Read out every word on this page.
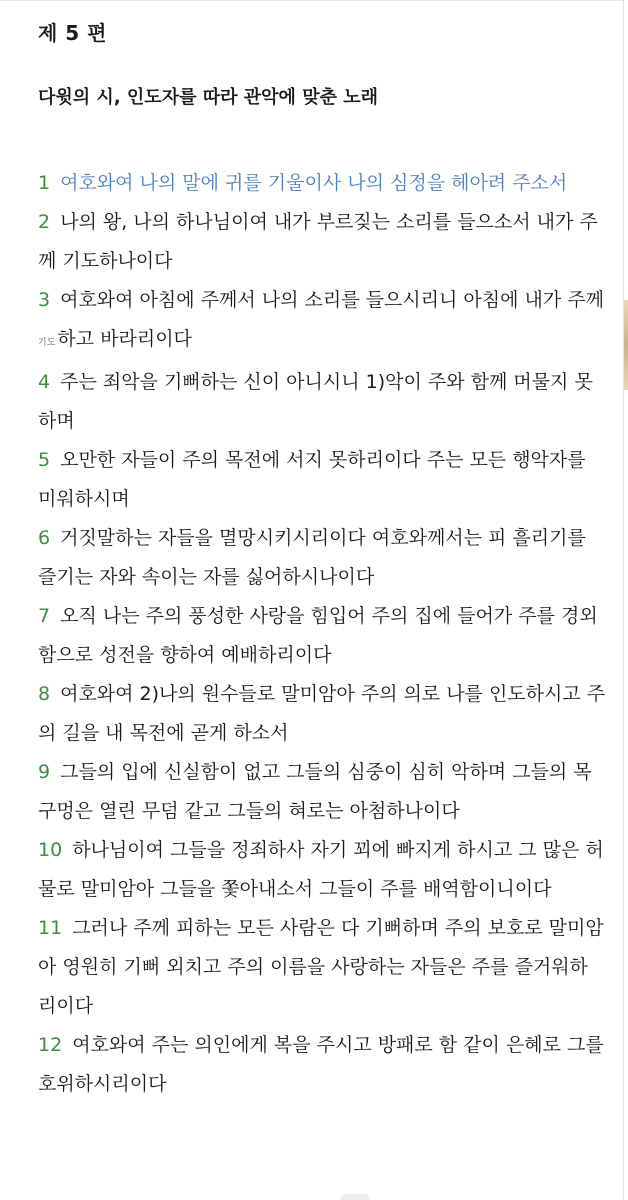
제 5 편
다윗의 시, 인도자를 따라 관악에 맞춘 노래
1 여호와여 나의 말에 귀를 기울이사 나의 심정을 헤아려 주소서
2 나의 왕, 나의 하나님이여 내가 부르짖는 소리를 들으소서 내가 주께 기도하나이다
3 여호와여 아침에 주께서 나의 소리를 들으시리니 아침에 내가 주께 기도 하고 바라리이다
4 주는 죄악을 기뻐하는 신이 아니시니 1)악이 주와 함께 머물지 못하며
5 오만한 자들이 주의 목전에 서지 못하리이다 주는 모든 행악자를 미워하시며
6 거짓말하는 자들을 멸망시키시리이다 여호와께서는 피 흘리기를 즐기는 자와 속이는 자를 싫어하시나이다
7 오직 나는 주의 풍성한 사랑을 힘입어 주의 집에 들어가 주를 경외함으로 성전을 향하여 예배하리이다
8 여호와여 2)나의 원수들로 말미암아 주의 의로 나를 인도하시고 주의 길을 내 목전에 곧게 하소서
9 그들의 입에 신실함이 없고 그들의 심중이 심히 악하며 그들의 목구멍은 열린 무덤 같고 그들의 혀로는 아첨하나이다
10 하나님이여 그들을 정죄하사 자기 꾀에 빠지게 하시고 그 많은 허물로 말미암아 그들을 쫓아내소서 그들이 주를 배역함이니이다
11 그러나 주께 피하는 모든 사람은 다 기뻐하며 주의 보호로 말미암아 영원히 기뻐 외치고 주의 이름을 사랑하는 자들은 주를 즐거워하리이다
12 여호와여 주는 의인에게 복을 주시고 방패로 함 같이 은혜로 그를 호위하시리이다
